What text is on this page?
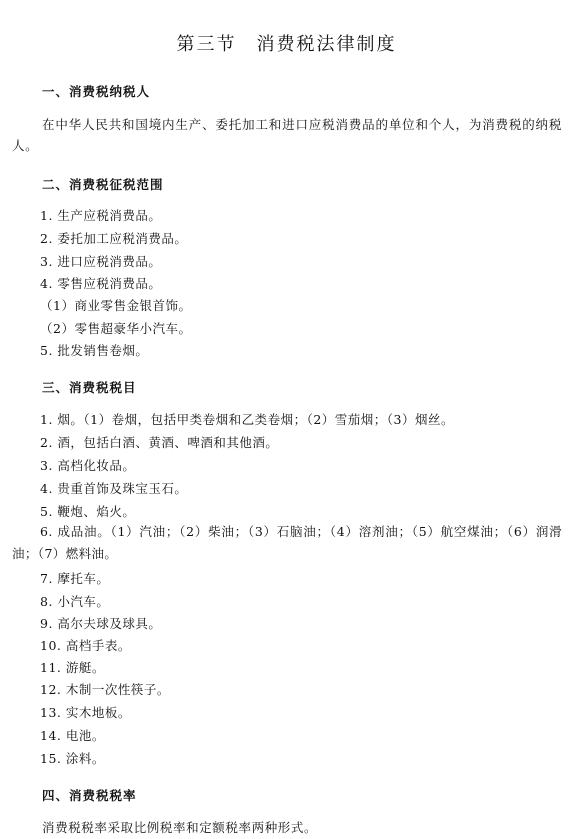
第三节　消费税法律制度
一、消费税纳税人
在中华人民共和国境内生产、委托加工和进口应税消费品的单位和个人，为消费税的纳税人。
二、消费税征税范围
1. 生产应税消费品。
2. 委托加工应税消费品。
3. 进口应税消费品。
4. 零售应税消费品。
（1）商业零售金银首饰。
（2）零售超豪华小汽车。
5. 批发销售卷烟。
三、消费税税目
1. 烟。（1）卷烟，包括甲类卷烟和乙类卷烟；（2）雪茄烟；（3）烟丝。
2. 酒，包括白酒、黄酒、啤酒和其他酒。
3. 高档化妆品。
4. 贵重首饰及珠宝玉石。
5. 鞭炮、焰火。
6. 成品油。（1）汽油；（2）柴油；（3）石脑油；（4）溶剂油；（5）航空煤油；（6）润滑油；（7）燃料油。
7. 摩托车。
8. 小汽车。
9. 高尔夫球及球具。
10. 高档手表。
11. 游艇。
12. 木制一次性筷子。
13. 实木地板。
14. 电池。
15. 涂料。
四、消费税税率
消费税税率采取比例税率和定额税率两种形式。
